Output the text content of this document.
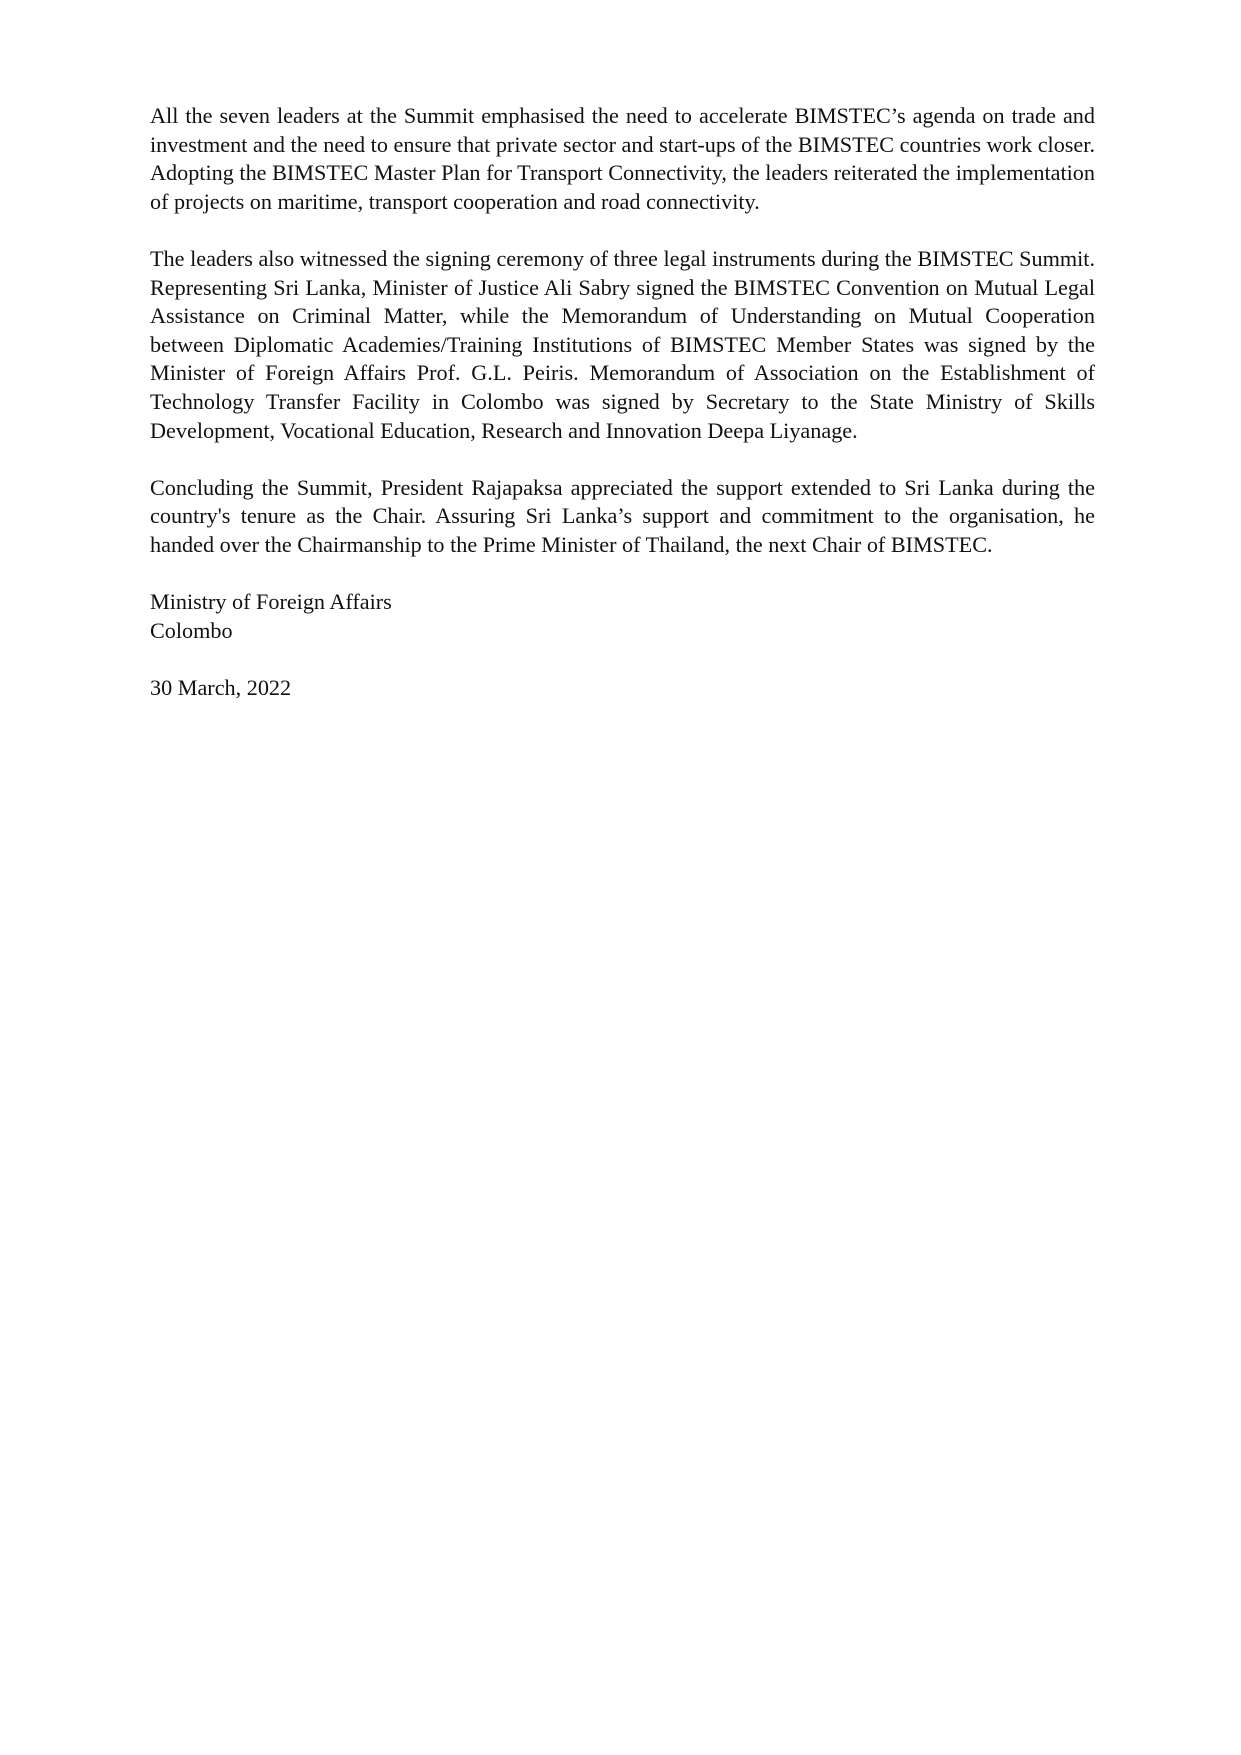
All the seven leaders at the Summit emphasised the need to accelerate BIMSTEC’s agenda on trade and investment and the need to ensure that private sector and start-ups of the BIMSTEC countries work closer. Adopting the BIMSTEC Master Plan for Transport Connectivity, the leaders reiterated the implementation of projects on maritime, transport cooperation and road connectivity.

The leaders also witnessed the signing ceremony of three legal instruments during the BIMSTEC Summit. Representing Sri Lanka, Minister of Justice Ali Sabry signed the BIMSTEC Convention on Mutual Legal Assistance on Criminal Matter, while the Memorandum of Understanding on Mutual Cooperation between Diplomatic Academies/Training Institutions of BIMSTEC Member States was signed by the Minister of Foreign Affairs Prof. G.L. Peiris. Memorandum of Association on the Establishment of Technology Transfer Facility in Colombo was signed by Secretary to the State Ministry of Skills Development, Vocational Education, Research and Innovation Deepa Liyanage.

Concluding the Summit, President Rajapaksa appreciated the support extended to Sri Lanka during the country's tenure as the Chair. Assuring Sri Lanka’s support and commitment to the organisation, he handed over the Chairmanship to the Prime Minister of Thailand, the next Chair of BIMSTEC.

Ministry of Foreign Affairs
Colombo

30 March, 2022
